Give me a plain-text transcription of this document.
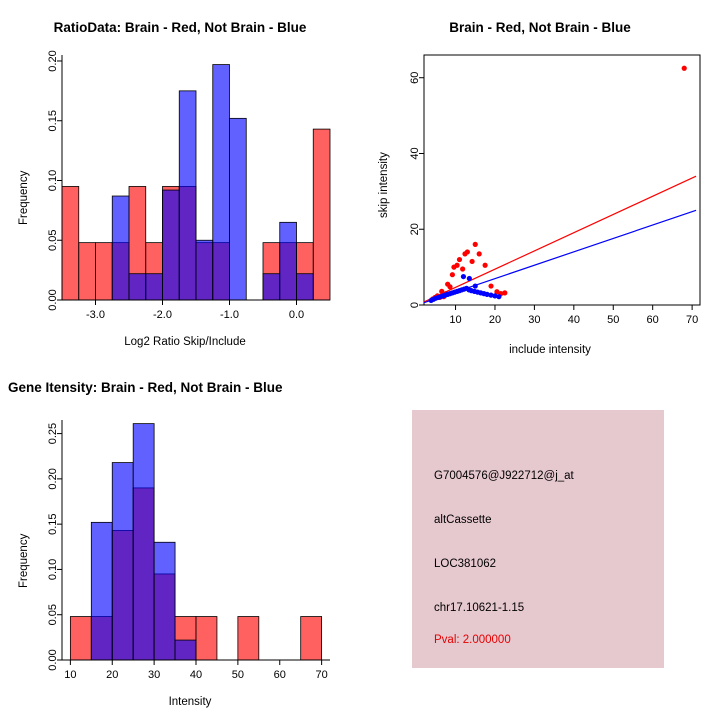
RatioData: Brain - Red, Not Brain - Blue
-3.0	-2.0	-1.0	0.0
0.00
0.05
0.10
0.15
0.20
Log2 Ratio Skip/Include
Frequency
Brain - Red, Not Brain - Blue
10 20 30 40 50 60 70
0
20
40
60
include intensity
skip intensity
Gene Itensity: Brain - Red, Not Brain - Blue
10	20	30	40	50	60	70
0.00
0.05
0.10
0.15
0.20
0.25
Intensity
Frequency
G7004576@J922712@j_at
altCassette
LOC381062
chr17.10621-1.15
Pval: 2.000000
